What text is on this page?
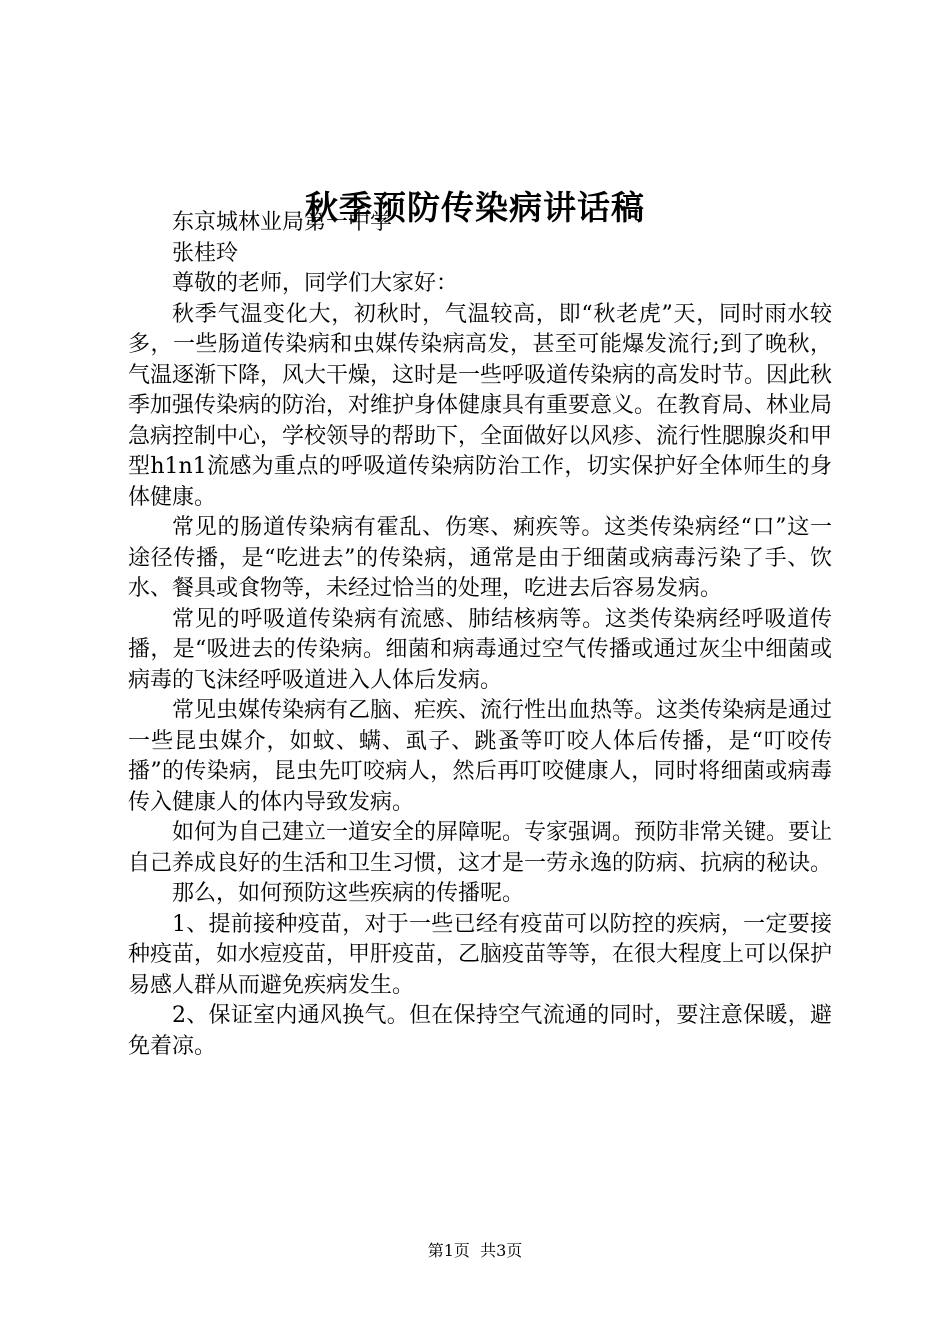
秋季预防传染病讲话稿

东京城林业局第一中学

张桂玲

尊敬的老师，同学们大家好：

秋季气温变化大，初秋时，气温较高，即“秋老虎”天，同时雨水较多，一些肠道传染病和虫媒传染病高发，甚至可能爆发流行;到了晚秋，气温逐渐下降，风大干燥，这时是一些呼吸道传染病的高发时节。因此秋季加强传染病的防治，对维护身体健康具有重要意义。在教育局、林业局急病控制中心，学校领导的帮助下，全面做好以风疹、流行性腮腺炎和甲型h1n1流感为重点的呼吸道传染病防治工作，切实保护好全体师生的身体健康。

常见的肠道传染病有霍乱、伤寒、痢疾等。这类传染病经“口”这一途径传播，是“吃进去”的传染病，通常是由于细菌或病毒污染了手、饮水、餐具或食物等，未经过恰当的处理，吃进去后容易发病。

常见的呼吸道传染病有流感、肺结核病等。这类传染病经呼吸道传播，是“吸进去的传染病。细菌和病毒通过空气传播或通过灰尘中细菌或病毒的飞沫经呼吸道进入人体后发病。

常见虫媒传染病有乙脑、疟疾、流行性出血热等。这类传染病是通过一些昆虫媒介，如蚊、螨、虱子、跳蚤等叮咬人体后传播，是“叮咬传播”的传染病，昆虫先叮咬病人，然后再叮咬健康人，同时将细菌或病毒传入健康人的体内导致发病。

如何为自己建立一道安全的屏障呢。专家强调。预防非常关键。要让自己养成良好的生活和卫生习惯，这才是一劳永逸的防病、抗病的秘诀。

那么，如何预防这些疾病的传播呢。

1、提前接种疫苗，对于一些已经有疫苗可以防控的疾病，一定要接种疫苗，如水痘疫苗，甲肝疫苗，乙脑疫苗等等，在很大程度上可以保护易感人群从而避免疾病发生。

2、保证室内通风换气。但在保持空气流通的同时，要注意保暖，避免着凉。

第1页  共3页
